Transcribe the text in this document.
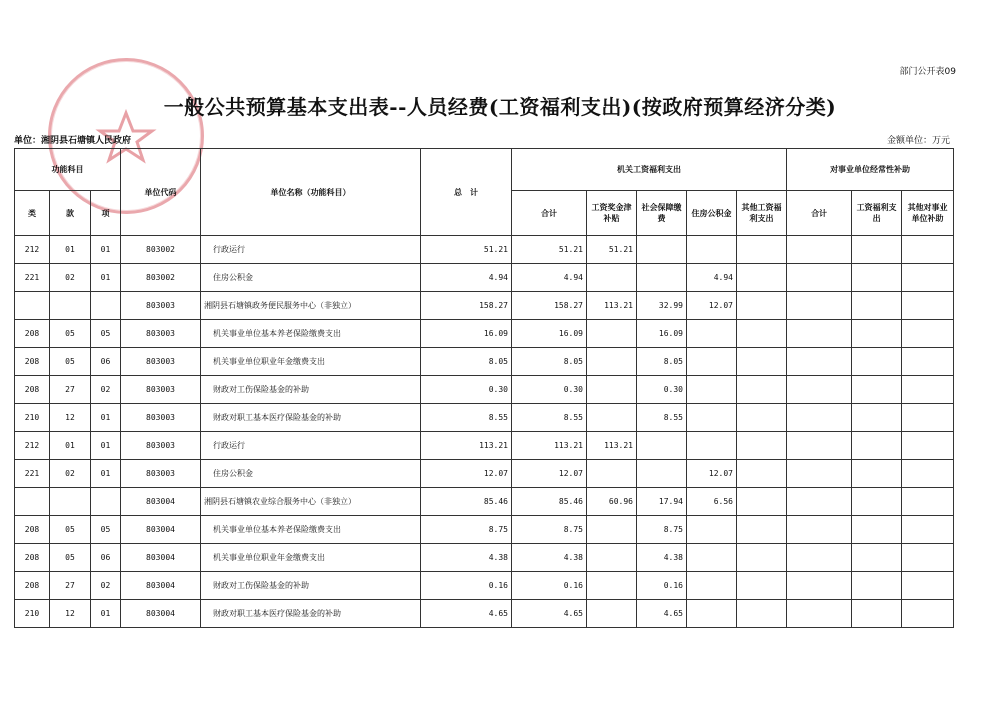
部门公开表09
一般公共预算基本支出表--人员经费(工资福利支出)(按政府预算经济分类)
单位：湘阴县石塘镇人民政府	金额单位：万元
功能科目			单位代码	单位名称（功能科目）	总　计	机关工资福利支出					对事业单位经常性补助		
类	款	项				合计	工资奖金津补贴	社会保障缴费	住房公积金	其他工资福利支出	合计	工资福利支出	其他对事业单位补助
212	01	01	803002	行政运行	51.21	51.21	51.21						
221	02	01	803002	住房公积金	4.94	4.94			4.94				
			803003	湘阴县石塘镇政务便民服务中心（非独立）	158.27	158.27	113.21	32.99	12.07				
208	05	05	803003	机关事业单位基本养老保险缴费支出	16.09	16.09		16.09					
208	05	06	803003	机关事业单位职业年金缴费支出	8.05	8.05		8.05					
208	27	02	803003	财政对工伤保险基金的补助	0.30	0.30		0.30					
210	12	01	803003	财政对职工基本医疗保险基金的补助	8.55	8.55		8.55					
212	01	01	803003	行政运行	113.21	113.21	113.21						
221	02	01	803003	住房公积金	12.07	12.07			12.07				
			803004	湘阴县石塘镇农业综合服务中心（非独立）	85.46	85.46	60.96	17.94	6.56				
208	05	05	803004	机关事业单位基本养老保险缴费支出	8.75	8.75		8.75					
208	05	06	803004	机关事业单位职业年金缴费支出	4.38	4.38		4.38					
208	27	02	803004	财政对工伤保险基金的补助	0.16	0.16		0.16					
210	12	01	803004	财政对职工基本医疗保险基金的补助	4.65	4.65		4.65					
